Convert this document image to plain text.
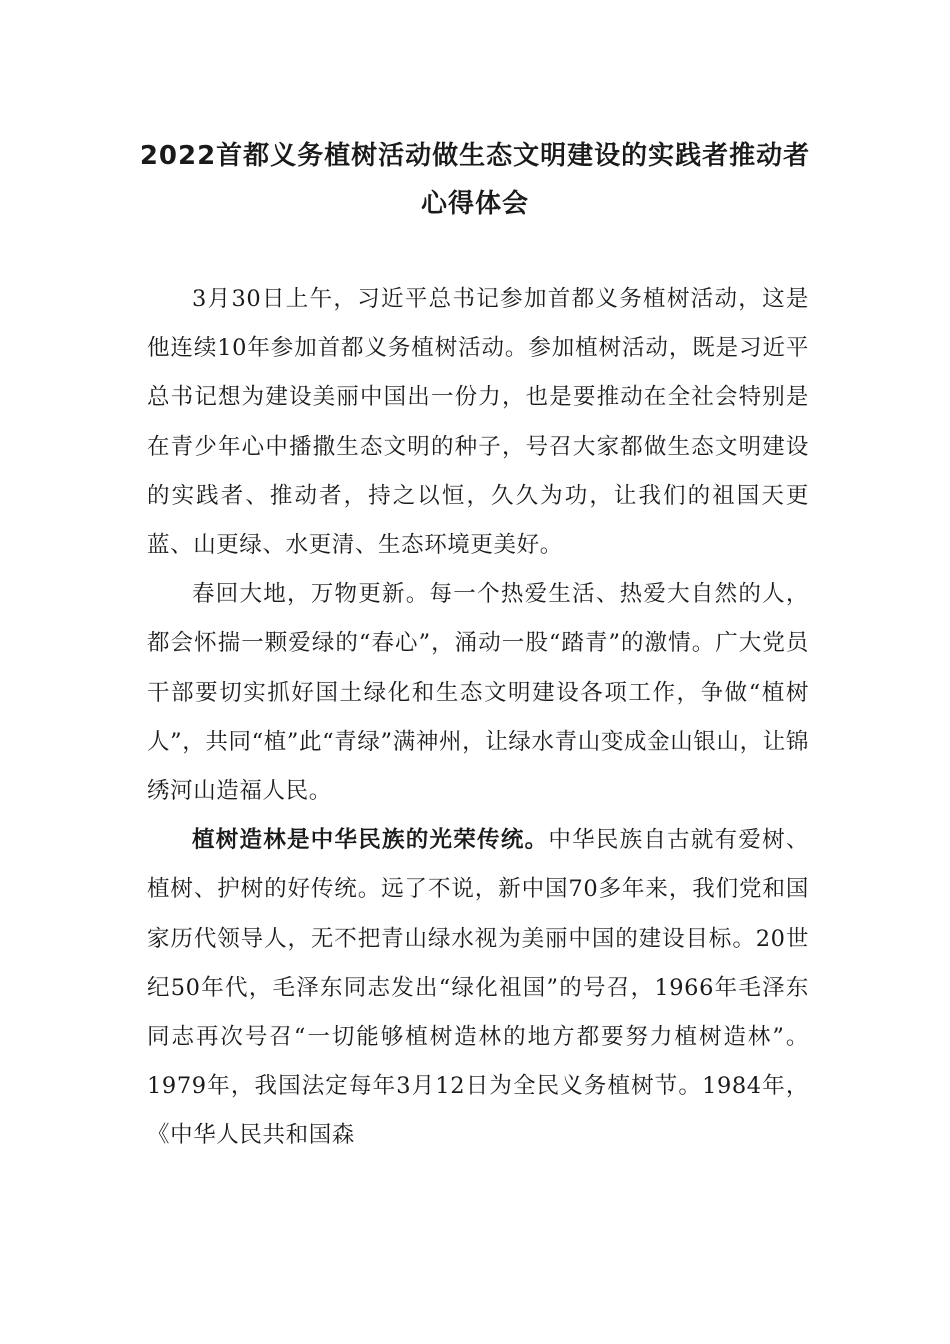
2022首都义务植树活动做生态文明建设的实践者推动者心得体会

3月30日上午，习近平总书记参加首都义务植树活动，这是他连续10年参加首都义务植树活动。参加植树活动，既是习近平总书记想为建设美丽中国出一份力，也是要推动在全社会特别是在青少年心中播撒生态文明的种子，号召大家都做生态文明建设的实践者、推动者，持之以恒，久久为功，让我们的祖国天更蓝、山更绿、水更清、生态环境更美好。

春回大地，万物更新。每一个热爱生活、热爱大自然的人，都会怀揣一颗爱绿的“春心”，涌动一股“踏青”的激情。广大党员干部要切实抓好国土绿化和生态文明建设各项工作，争做“植树人”，共同“植”此“青绿”满神州，让绿水青山变成金山银山，让锦绣河山造福人民。

植树造林是中华民族的光荣传统。中华民族自古就有爱树、植树、护树的好传统。远了不说，新中国70多年来，我们党和国家历代领导人，无不把青山绿水视为美丽中国的建设目标。20世纪50年代，毛泽东同志发出“绿化祖国”的号召，1966年毛泽东同志再次号召“一切能够植树造林的地方都要努力植树造林”。1979年，我国法定每年3月12日为全民义务植树节。1984年，《中华人民共和国森
